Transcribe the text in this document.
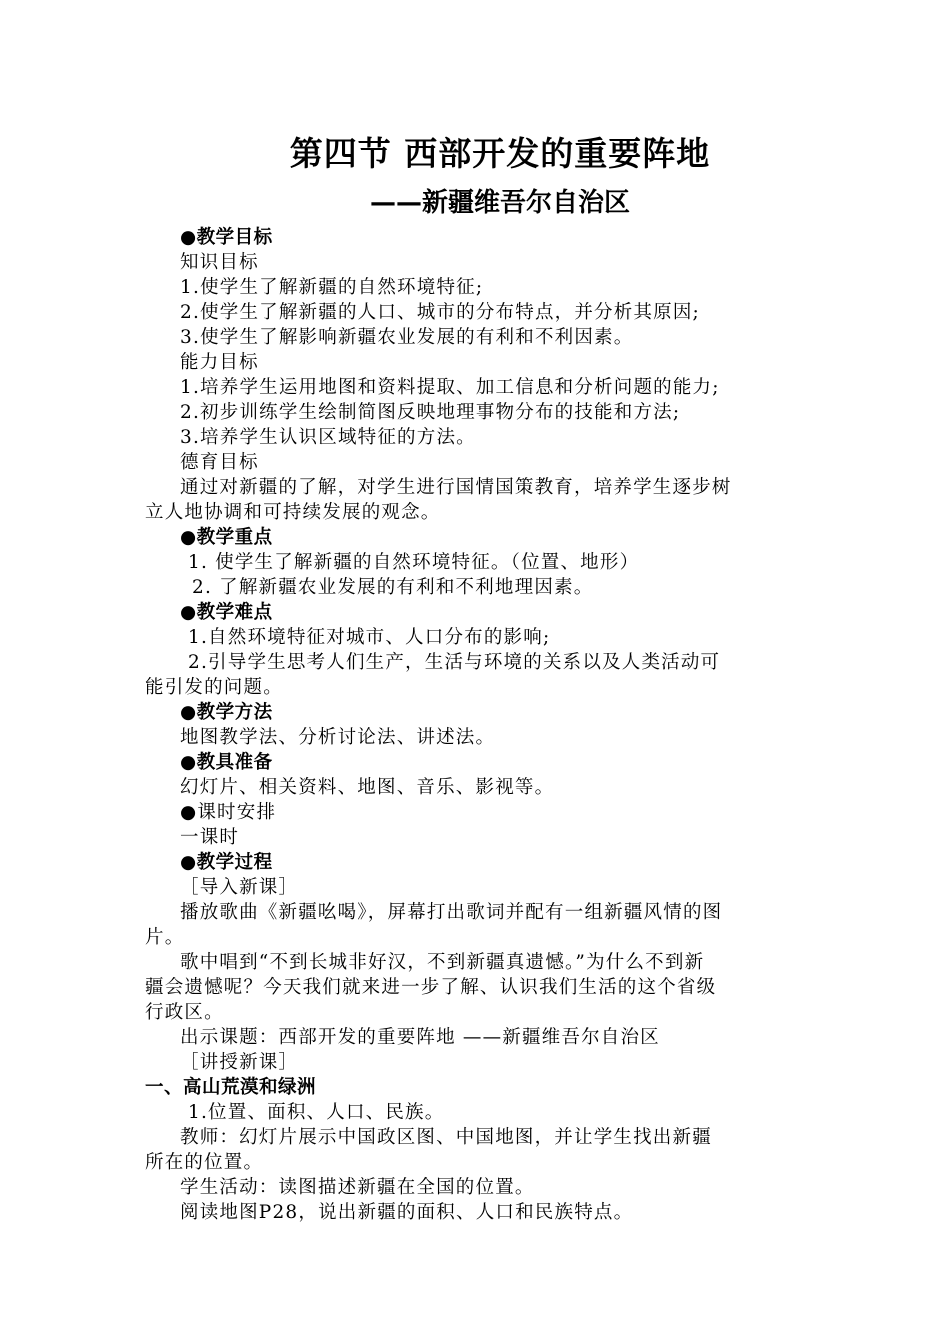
第四节 西部开发的重要阵地
——新疆维吾尔自治区
●教学目标
知识目标
1.使学生了解新疆的自然环境特征;
2.使学生了解新疆的人口、城市的分布特点，并分析其原因;
3.使学生了解影响新疆农业发展的有利和不利因素。
能力目标
1.培养学生运用地图和资料提取、加工信息和分析问题的能力;
2.初步训练学生绘制简图反映地理事物分布的技能和方法;
3.培养学生认识区域特征的方法。
德育目标
通过对新疆的了解，对学生进行国情国策教育，培养学生逐步树
立人地协调和可持续发展的观念。
●教学重点
1. 使学生了解新疆的自然环境特征。（位置、地形）
2. 了解新疆农业发展的有利和不利地理因素。
●教学难点
1.自然环境特征对城市、人口分布的影响;
2.引导学生思考人们生产，生活与环境的关系以及人类活动可
能引发的问题。
●教学方法
地图教学法、分析讨论法、讲述法。
●教具准备
幻灯片、相关资料、地图、音乐、影视等。
●课时安排
一课时
●教学过程
［导入新课］
播放歌曲《新疆吆喝》，屏幕打出歌词并配有一组新疆风情的图
片。
歌中唱到“不到长城非好汉，不到新疆真遗憾。”为什么不到新
疆会遗憾呢？今天我们就来进一步了解、认识我们生活的这个省级
行政区。
出示课题：西部开发的重要阵地 ——新疆维吾尔自治区
［讲授新课］
一、高山荒漠和绿洲
1.位置、面积、人口、民族。
教师：幻灯片展示中国政区图、中国地图，并让学生找出新疆
所在的位置。
学生活动：读图描述新疆在全国的位置。
阅读地图P28，说出新疆的面积、人口和民族特点。
